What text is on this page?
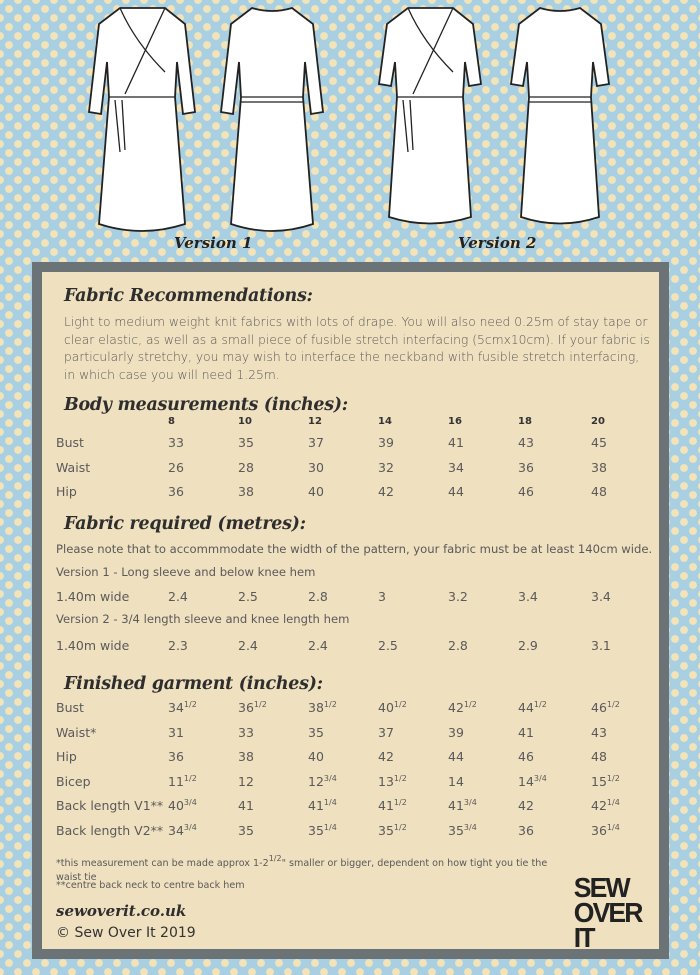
Version 1	Version 2
Fabric Recommendations:
Light to medium weight knit fabrics with lots of drape. You will also need 0.25m of stay tape or clear elastic, as well as a small piece of fusible stretch interfacing (5cmx10cm). If your fabric is particularly stretchy, you may wish to interface the neckband with fusible stretch interfacing, in which case you will need 1.25m.
Body measurements (inches):
8	10	12	14	16	18	20
Bust	33	35	37	39	41	43	45
Waist	26	28	30	32	34	36	38
Hip	36	38	40	42	44	46	48
Fabric required (metres):
Please note that to accommmodate the width of the pattern, your fabric must be at least 140cm wide.
Version 1 - Long sleeve and below knee hem
1.40m wide	2.4	2.5	2.8	3	3.2	3.4	3.4
Version 2 - 3/4 length sleeve and knee length hem
1.40m wide	2.3	2.4	2.4	2.5	2.8	2.9	3.1
Finished garment (inches):
Bust	$34^{1/2}$	$36^{1/2}$	$38^{1/2}$	$40^{1/2}$	$42^{1/2}$	$44^{1/2}$	$46^{1/2}$
Waist*	31	33	35	37	39	41	43
Hip	36	38	40	42	44	46	48
Bicep	$11^{1/2}$	12	$12^{3/4}$	$13^{1/2}$	14	$14^{3/4}$	$15^{1/2}$
Back length V1** $40^{3/4}$	41	$41^{1/4}$	$41^{1/2}$	$41^{3/4}$	42	$42^{1/4}$
Back length V2** $34^{3/4}$	35	$35^{1/4}$	$35^{1/2}$	$35^{3/4}$	36	$36^{1/4}$
*this measurement can be made approx $1-2^{1/2}$" smaller or bigger, dependent on how tight you tie the waist tie
**centre back neck to centre back hem
sewoverit.co.uk
© Sew Over It 2019
SEW
OVER
IT
